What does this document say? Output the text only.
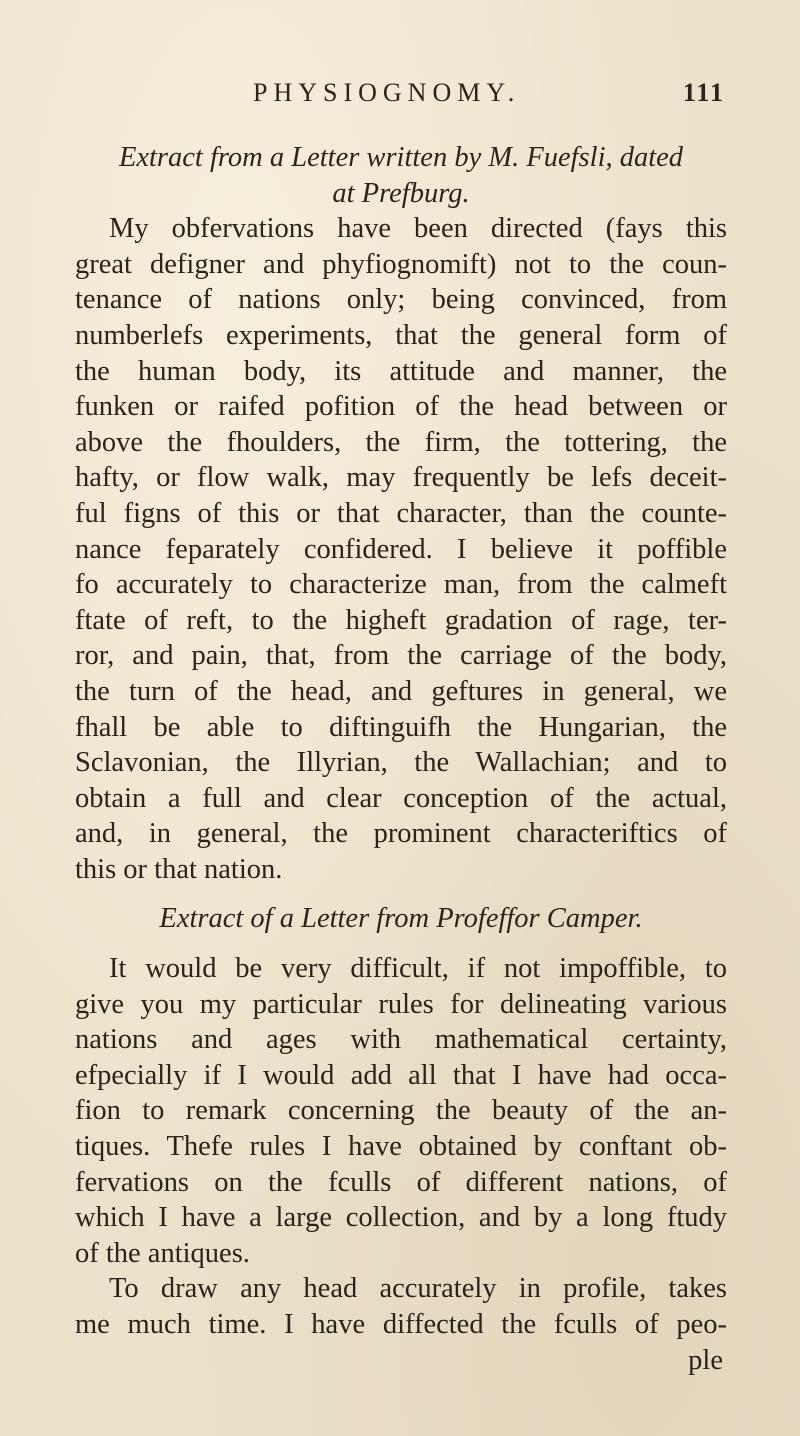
PHYSIOGNOMY.	111
Extract from a Letter written by M. Fuefsli, dated
at Prefburg.
My obfervations have been directed (fays this
great defigner and phyfiognomift) not to the coun-
tenance of nations only; being convinced, from
numberlefs experiments, that the general form of
the human body, its attitude and manner, the
funken or raifed pofition of the head between or
above the fhoulders, the firm, the tottering, the
hafty, or flow walk, may frequently be lefs deceit-
ful figns of this or that character, than the counte-
nance feparately confidered. I believe it poffible
fo accurately to characterize man, from the calmeft
ftate of reft, to the higheft gradation of rage, ter-
ror, and pain, that, from the carriage of the body,
the turn of the head, and geftures in general, we
fhall be able to diftinguifh the Hungarian, the
Sclavonian, the Illyrian, the Wallachian; and to
obtain a full and clear conception of the actual,
and, in general, the prominent characteriftics of
this or that nation.
Extract of a Letter from Profeffor Camper.
It would be very difficult, if not impoffible, to
give you my particular rules for delineating various
nations and ages with mathematical certainty,
efpecially if I would add all that I have had occa-
fion to remark concerning the beauty of the an-
tiques. Thefe rules I have obtained by conftant ob-
fervations on the fculls of different nations, of
which I have a large collection, and by a long ftudy
of the antiques.
To draw any head accurately in profile, takes
me much time. I have diffected the fculls of peo-
ple
